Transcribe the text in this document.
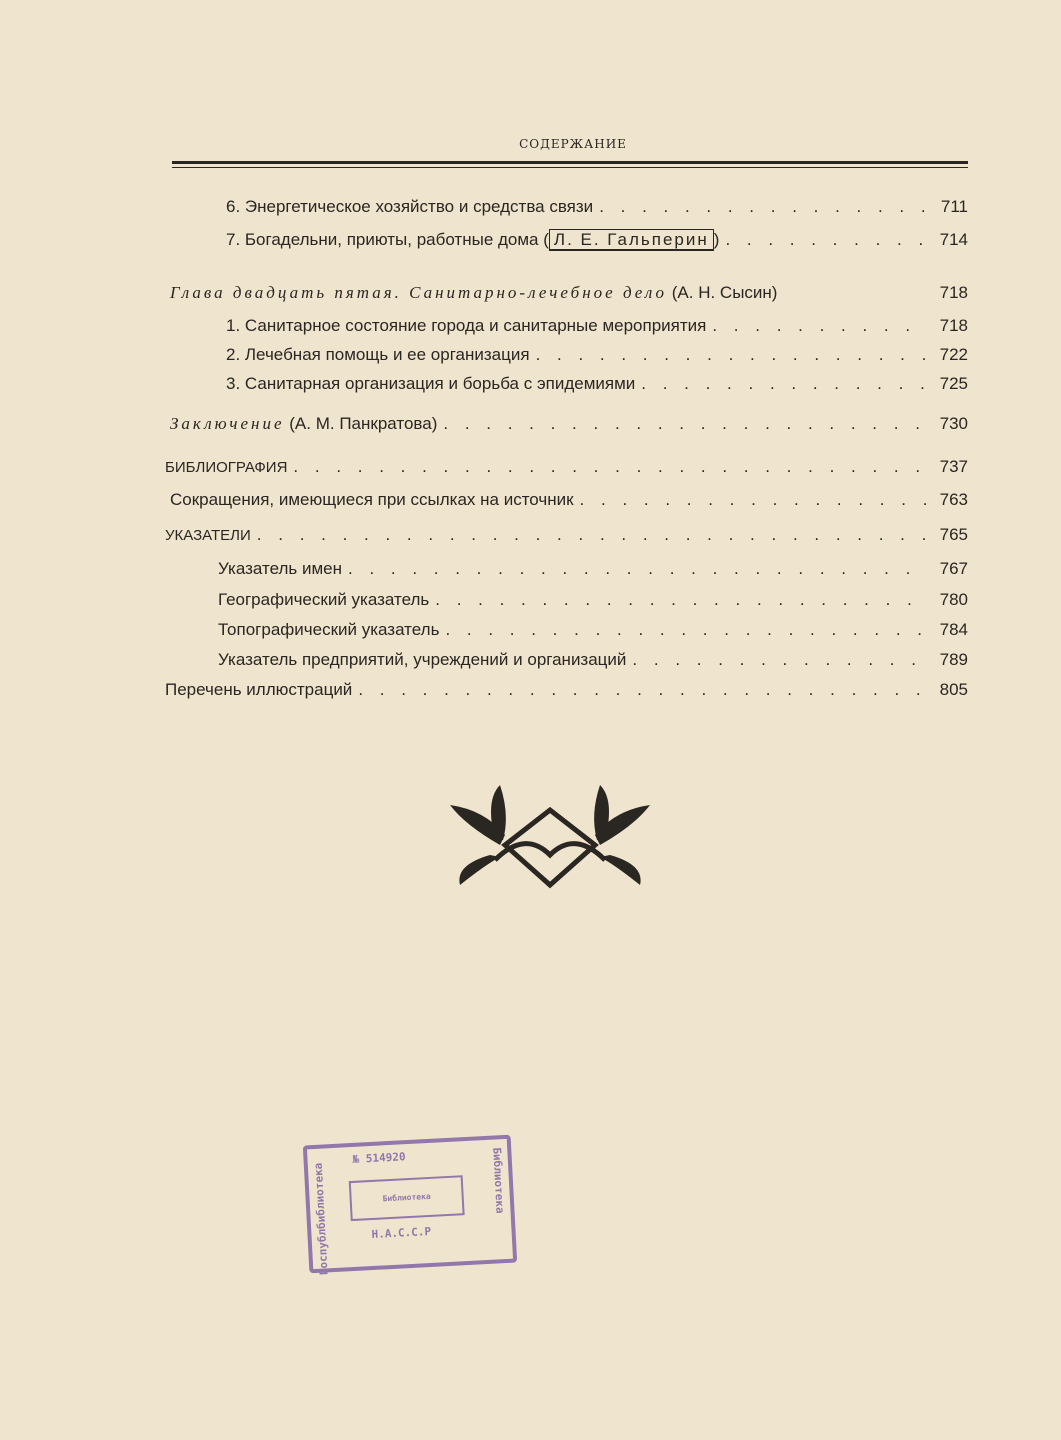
СОДЕРЖАНИЕ
6. Энергетическое хозяйство и средства связи . . .	711
7. Богадельни, приюты, работные дома ( Л. Е. Гальперин ) . . .	714
Глава двадцать пятая. Санитарно-лечебное дело (А. Н. Сысин)	718
1. Санитарное состояние города и санитарные мероприятия . . .	718
2. Лечебная помощь и ее организация . . .	722
3. Санитарная организация и борьба с эпидемиями . . .	725
Заключение (А. М. Панкратова) . . .	730
БИБЛИОГРАФИЯ . . .	737
Сокращения, имеющиеся при ссылках на источник . . .	763
УКАЗАТЕЛИ . . .	765
Указатель имен . . .	767
Географический указатель . . .	780
Топографический указатель . . .	784
Указатель предприятий, учреждений и организаций . . .	789
Перечень иллюстраций . . .	805
Госпублбиблиотека
№ 514920
Библиотека
Н.А.С.С.Р
Библиотека
